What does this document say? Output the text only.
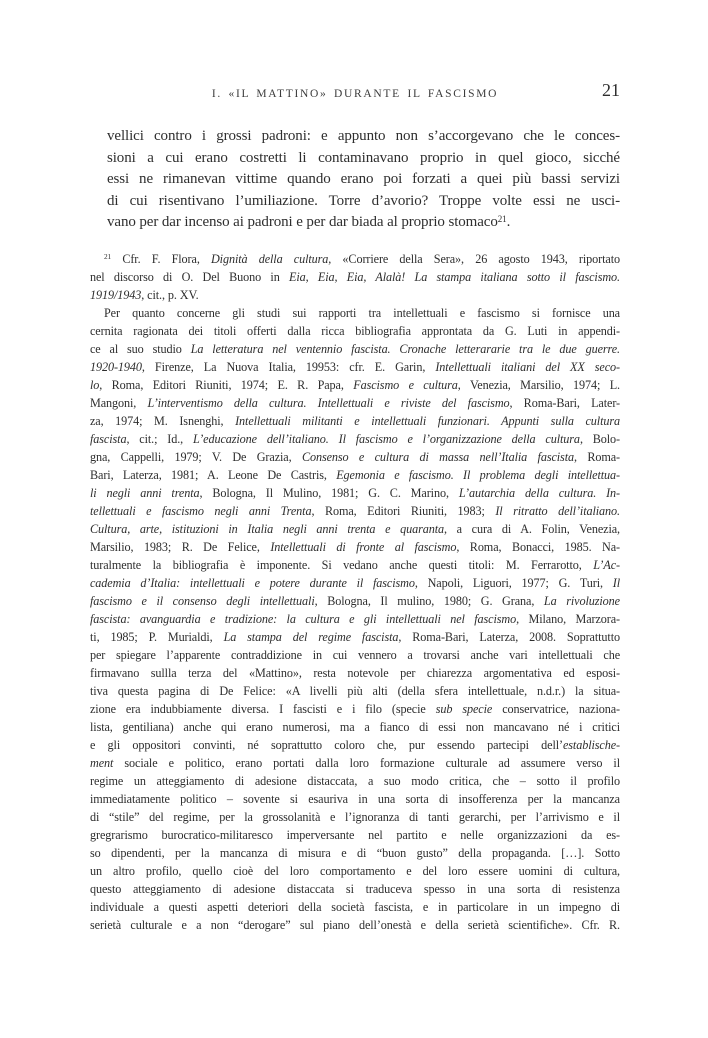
I. «IL MATTINO» DURANTE IL FASCISMO	21
vellici contro i grossi padroni: e appunto non s’accorgevano che le conces-
sioni a cui erano costretti li contaminavano proprio in quel gioco, sicché
essi ne rimanevan vittime quando erano poi forzati a quei più bassi servizi
di cui risentivano l’umiliazione. Torre d’avorio? Troppe volte essi ne usci-
vano per dar incenso ai padroni e per dar biada al proprio stomaco$^{21}$.
$^{21}$ Cfr. F. Flora, Dignità della cultura, «Corriere della Sera», 26 agosto 1943, riportato
nel discorso di O. Del Buono in Eia, Eia, Eia, Alalà! La stampa italiana sotto il fascismo.
1919/1943, cit., p. XV.
Per quanto concerne gli studi sui rapporti tra intellettuali e fascismo si fornisce una
cernita ragionata dei titoli offerti dalla ricca bibliografia approntata da G. Luti in appendi-
ce al suo studio La letteratura nel ventennio fascista. Cronache letterararie tra le due guerre.
1920-1940, Firenze, La Nuova Italia, 19953: cfr. E. Garin, Intellettuali italiani del XX seco-
lo, Roma, Editori Riuniti, 1974; E. R. Papa, Fascismo e cultura, Venezia, Marsilio, 1974; L.
Mangoni, L’interventismo della cultura. Intellettuali e riviste del fascismo, Roma-Bari, Later-
za, 1974; M. Isnenghi, Intellettuali militanti e intellettuali funzionari. Appunti sulla cultura
fascista, cit.; Id., L’educazione dell’italiano. Il fascismo e l’organizzazione della cultura, Bolo-
gna, Cappelli, 1979; V. De Grazia, Consenso e cultura di massa nell’Italia fascista, Roma-
Bari, Laterza, 1981; A. Leone De Castris, Egemonia e fascismo. Il problema degli intellettua-
li negli anni trenta, Bologna, Il Mulino, 1981; G. C. Marino, L’autarchia della cultura. In-
tellettuali e fascismo negli anni Trenta, Roma, Editori Riuniti, 1983; Il ritratto dell’italiano.
Cultura, arte, istituzioni in Italia negli anni trenta e quaranta, a cura di A. Folin, Venezia,
Marsilio, 1983; R. De Felice, Intellettuali di fronte al fascismo, Roma, Bonacci, 1985. Na-
turalmente la bibliografia è imponente. Si vedano anche questi titoli: M. Ferrarotto, L’Ac-
cademia d’Italia: intellettuali e potere durante il fascismo, Napoli, Liguori, 1977; G. Turi, Il
fascismo e il consenso degli intellettuali, Bologna, Il mulino, 1980; G. Grana, La rivoluzione
fascista: avanguardia e tradizione: la cultura e gli intellettuali nel fascismo, Milano, Marzora-
ti, 1985; P. Murialdi, La stampa del regime fascista, Roma-Bari, Laterza, 2008. Soprattutto
per spiegare l’apparente contraddizione in cui vennero a trovarsi anche vari intellettuali che
firmavano sullla terza del «Mattino», resta notevole per chiarezza argomentativa ed esposi-
tiva questa pagina di De Felice: «A livelli più alti (della sfera intellettuale, n.d.r.) la situa-
zione era indubbiamente diversa. I fascisti e i filo (specie sub specie conservatrice, naziona-
lista, gentiliana) anche qui erano numerosi, ma a fianco di essi non mancavano né i critici
e gli oppositori convinti, né soprattutto coloro che, pur essendo partecipi dell’establische-
ment sociale e politico, erano portati dalla loro formazione culturale ad assumere verso il
regime un atteggiamento di adesione distaccata, a suo modo critica, che – sotto il profilo
immediatamente politico – sovente si esauriva in una sorta di insofferenza per la mancanza
di “stile” del regime, per la grossolanità e l’ignoranza di tanti gerarchi, per l’arrivismo e il
gregrarismo burocratico-militaresco imperversante nel partito e nelle organizzazioni da es-
so dipendenti, per la mancanza di misura e di “buon gusto” della propaganda. […]. Sotto
un altro profilo, quello cioè del loro comportamento e del loro essere uomini di cultura,
questo atteggiamento di adesione distaccata si traduceva spesso in una sorta di resistenza
individuale a questi aspetti deteriori della società fascista, e in particolare in un impegno di
serietà culturale e a non “derogare” sul piano dell’onestà e della serietà scientifiche». Cfr. R.
